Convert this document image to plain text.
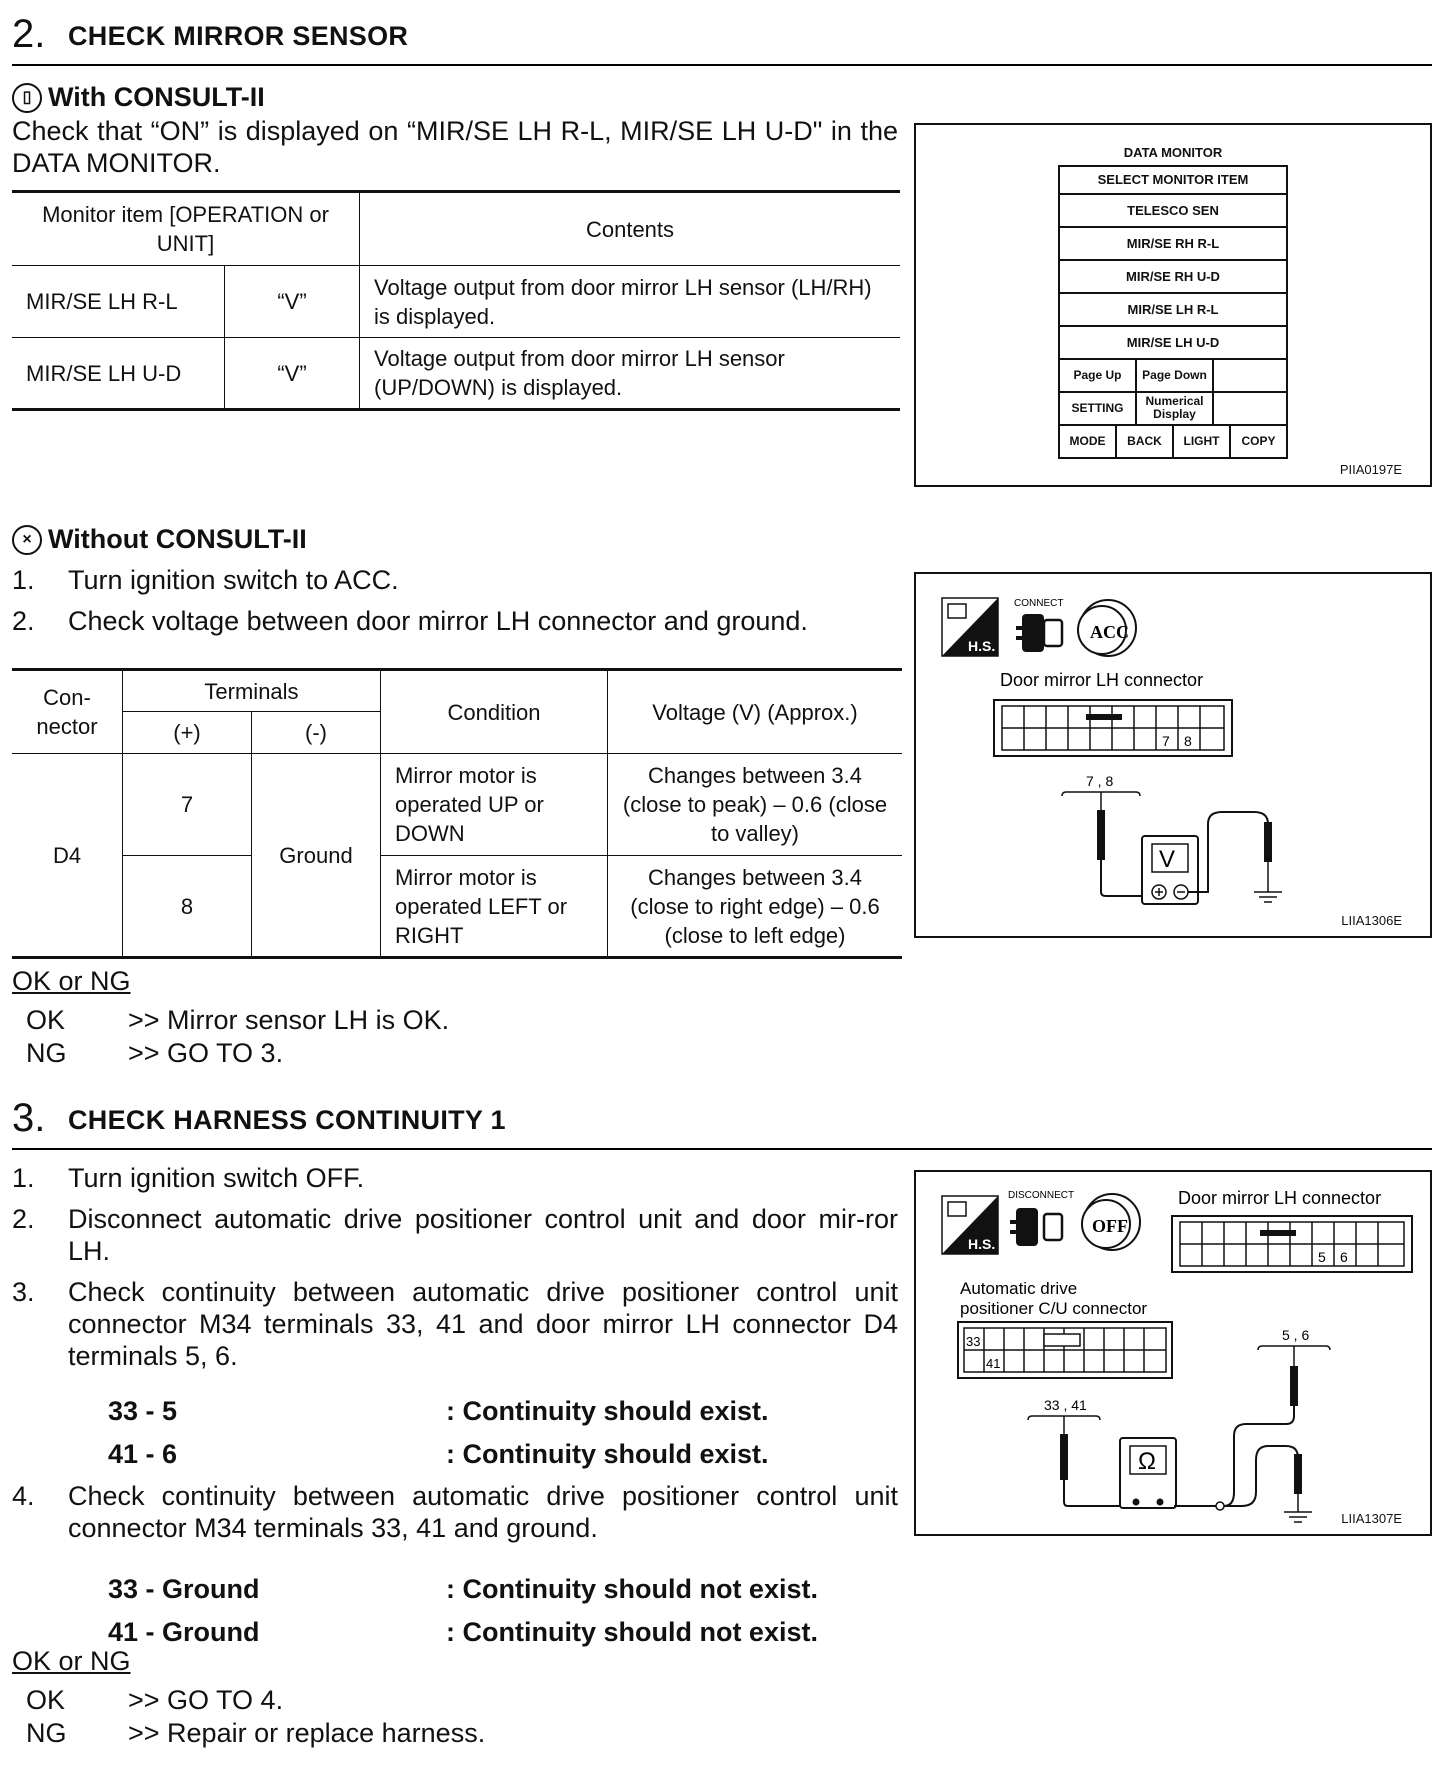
2. CHECK MIRROR SENSOR
▯ With CONSULT-II
Check that “ON” is displayed on “MIR/SE LH R-L, MIR/SE LH U-D" in the DATA MONITOR.
Monitor item [OPERATION or UNIT]		Contents
MIR/SE LH R-L	“V”	Voltage output from door mirror LH sensor (LH/RH) is displayed.
MIR/SE LH U-D	“V”	Voltage output from door mirror LH sensor (UP/DOWN) is displayed.
DATA MONITOR
SELECT MONITOR ITEM
TELESCO SEN
MIR/SE RH R-L
MIR/SE RH U-D
MIR/SE LH R-L
MIR/SE LH U-D
Page Up	Page Down
SETTING	Numerical Display
MODE	BACK	LIGHT	COPY
PIIA0197E
× Without CONSULT-II
1.	Turn ignition switch to ACC.
2.	Check voltage between door mirror LH connector and ground.
Con-nector	Terminals		Condition	Voltage (V) (Approx.)
	(+)	(-)		
D4	7	Ground	Mirror motor is operated UP or DOWN	Changes between 3.4 (close to peak) – 0.6 (close to valley)
	8		Mirror motor is operated LEFT or RIGHT	Changes between 3.4 (close to right edge) – 0.6 (close to left edge)
H.S.
CONNECT
ACC
Door mirror LH connector
7 8
7 , 8
V
LIIA1306E
OK or NG
OK	>> Mirror sensor LH is OK.
NG	>> GO TO 3.
3. CHECK HARNESS CONTINUITY 1
1.	Turn ignition switch OFF.
2.	Disconnect automatic drive positioner control unit and door mir-ror LH.
3.	Check continuity between automatic drive positioner control unit connector M34 terminals 33, 41 and door mirror LH connector D4 terminals 5, 6.
33 - 5	: Continuity should exist.
41 - 6	: Continuity should exist.
4.	Check continuity between automatic drive positioner control unit connector M34 terminals 33, 41 and ground.
33 - Ground	: Continuity should not exist.
41 - Ground	: Continuity should not exist.
H.S.
DISCONNECT
OFF
Door mirror LH connector
5 6
Automatic drive
positioner C/U connector
33
41
33 , 41
Ω
5 , 6
LIIA1307E
OK or NG
OK	>> GO TO 4.
NG	>> Repair or replace harness.
